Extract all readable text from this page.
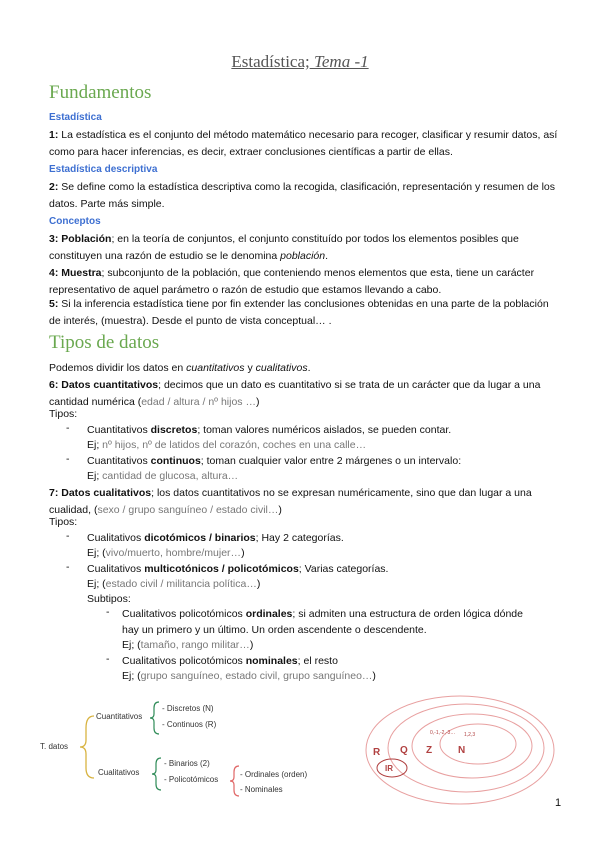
Estadística; Tema -1
Fundamentos
Estadística
1: La estadística es el conjunto del método matemático necesario para recoger, clasificar y resumir datos, así como para hacer inferencias, es decir, extraer conclusiones científicas a partir de ellas.
Estadística descriptiva
2: Se define como la estadística descriptiva como la recogida, clasificación, representación y resumen de los datos. Parte más simple.
Conceptos
3: Población; en la teoría de conjuntos, el conjunto constituído por todos los elementos posibles que constituyen una razón de estudio se le denomina población.
4: Muestra; subconjunto de la población, que conteniendo menos elementos que esta, tiene un carácter representativo de aquel parámetro o razón de estudio que estamos llevando a cabo.
5: Si la inferencia estadística tiene por fin extender las conclusiones obtenidas en una parte de la población de interés, (muestra). Desde el punto de vista conceptual… .
Tipos de datos
Podemos dividir los datos en cuantitativos y cualitativos.
6: Datos cuantitativos; decimos que un dato es cuantitativo si se trata de un carácter que da lugar a una cantidad numérica (edad / altura / nº hijos …)
Tipos:
- Cuantitativos discretos; toman valores numéricos aislados, se pueden contar.
Ej; nº hijos, nº de latidos del corazón, coches en una calle…
- Cuantitativos continuos; toman cualquier valor entre 2 márgenes o un intervalo:
Ej; cantidad de glucosa, altura…
7: Datos cualitativos; los datos cuantitativos no se expresan numéricamente, sino que dan lugar a una cualidad, (sexo / grupo sanguíneo / estado civil…)
Tipos:
- Cualitativos dicotómicos / binarios; Hay 2 categorías.
Ej; (vivo/muerto, hombre/mujer…)
- Cualitativos multicotónicos / policotómicos; Varias categorías.
Ej; (estado civil / militancia política…)
Subtipos:
- Cualitativos policotómicos ordinales; si admiten una estructura de orden lógica dónde
hay un primero y un último. Un orden ascendente o descendente.
Ej; (tamaño, rango militar…)
- Cualitativos policotómicos nominales; el resto
Ej; (grupo sanguíneo, estado civil, grupo sanguíneo…)
T. datos
Cuantitativos
- Discretos (N)
- Continuos (R)
Cualitativos
- Binarios (2)
- Policotómicos
- Ordinales (orden)
- Nominales
R Q Z	N
IR
0,-1,-2,-3… 1,2,3
1
